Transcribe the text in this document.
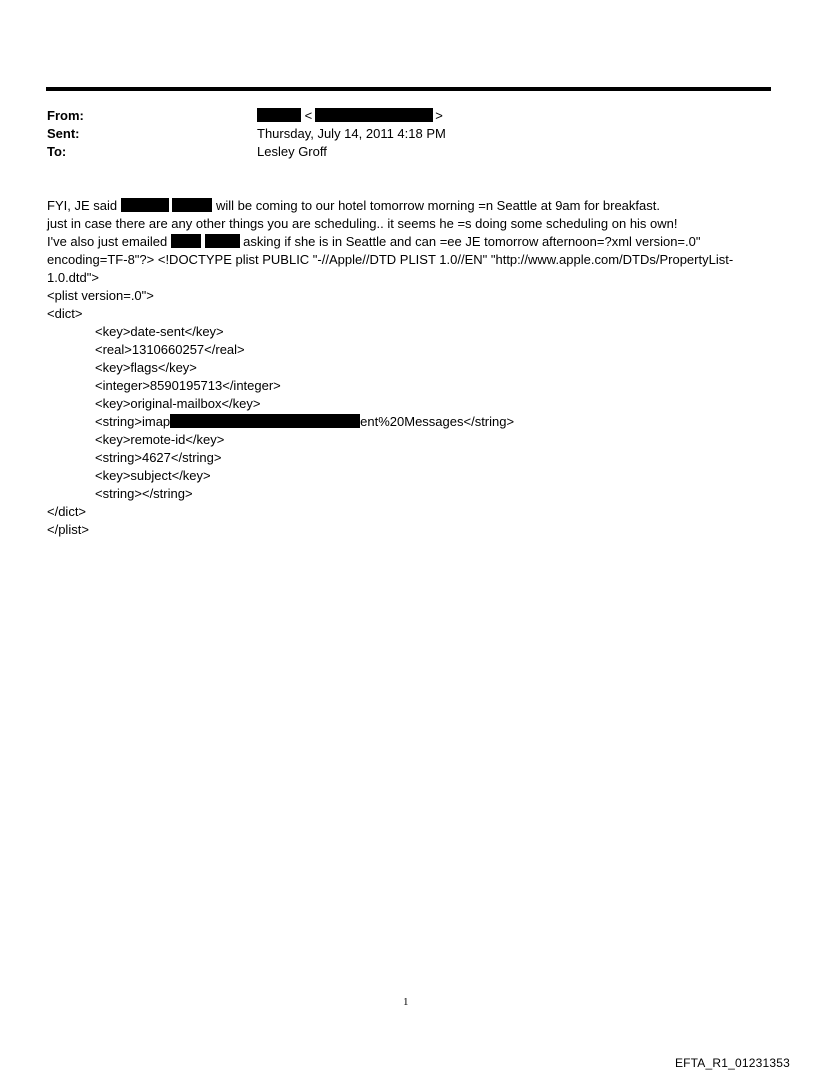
From:	<	>
Sent:	Thursday, July 14, 2011 4:18 PM
To:	Lesley Groff
FYI, JE said	will be coming to our hotel tomorrow morning =n Seattle at 9am for breakfast.
just in case there are any other things you are scheduling.. it seems he =s doing some scheduling on his own!
I've also just emailed	asking if she is in Seattle and can =ee JE tomorrow afternoon=?xml version=.0"
encoding=TF-8"?> <!DOCTYPE plist PUBLIC "-//Apple//DTD PLIST 1.0//EN" "http://www.apple.com/DTDs/PropertyList-
1.0.dtd">
<plist version=.0">
<dict>
<key>date-sent</key>
<real>1310660257</real>
<key>flags</key>
<integer>8590195713</integer>
<key>original-mailbox</key>
<string>imap	ent%20Messages</string>
<key>remote-id</key>
<string>4627</string>
<key>subject</key>
<string></string>
</dict>
</plist>
1
EFTA_R1_01231353
